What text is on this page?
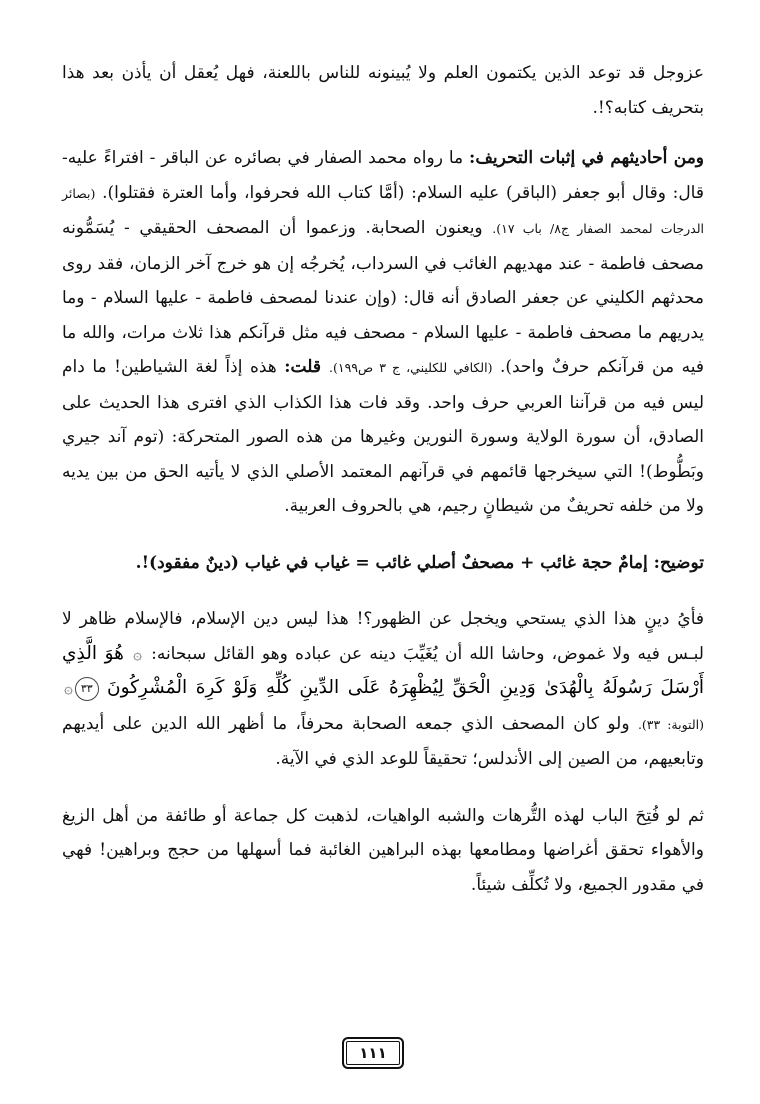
عزوجل قد توعد الذين يكتمون العلم ولا يُبينونه للناس باللعنة، فهل يُعقل أن يأذن بعد هذا بتحريف كتابه؟!.

ومن أحاديثهم في إثبات التحريف: ما رواه محمد الصفار في بصائره عن الباقر - افتراءً عليه- قال: وقال أبو جعفر (الباقر) عليه السلام: (أمَّا كتاب الله فحرفوا، وأما العترة فقتلوا). (بصائر الدرجات لمحمد الصفار ج٨/ باب ١٧). ويعنون الصحابة. وزعموا أن المصحف الحقيقي - يُسَمُّونه مصحف فاطمة - عند مهديهم الغائب في السرداب، يُخرجُه إن هو خرج آخر الزمان، فقد روى محدثهم الكليني عن جعفر الصادق أنه قال: (وإن عندنا لمصحف فاطمة - عليها السلام - وما يدريهم ما مصحف فاطمة - عليها السلام - مصحف فيه مثل قرآنكم هذا ثلاث مرات، والله ما فيه من قرآنكم حرفٌ واحد). (الكافي للكليني، ج ٣ ص١٩٩). قلت: هذه إذاً لغة الشياطين! ما دام ليس فيه من قرآننا العربي حرف واحد. وقد فات هذا الكذاب الذي افترى هذا الحديث على الصادق، أن سورة الولاية وسورة النورين وغيرها من هذه الصور المتحركة: (توم آند جيري وبَطُّوط)! التي سيخرجها قائمهم في قرآنهم المعتمد الأصلي الذي لا يأتيه الحق من بين يديه ولا من خلفه تحريفٌ من شيطانٍ رجيم، هي بالحروف العربية.

توضيح: إمامٌ حجة غائب + مصحفٌ أصلي غائب = غياب في غياب (دينٌ مفقود)!.

فأيُ دينٍ هذا الذي يستحي ويخجل عن الظهور؟! هذا ليس دين الإسلام، فالإسلام ظاهر لا لبـس فيه ولا غموض، وحاشا الله أن يُغَيِّبَ دينه عن عباده وهو القائل سبحانه: ۞ هُوَ الَّذِي أَرْسَلَ رَسُولَهُ بِالْهُدَىٰ وَدِينِ الْحَقِّ لِيُظْهِرَهُ عَلَى الدِّينِ كُلِّهِ وَلَوْ كَرِهَ الْمُشْرِكُونَ ٣٣۞ (التوبة: ٣٣). ولو كان المصحف الذي جمعه الصحابة محرفاً، ما أظهر الله الدين على أيديهم وتابعيهم، من الصين إلى الأندلس؛ تحقيقاً للوعد الذي في الآية.

ثم لو فُتِحَ الباب لهذه التُّرهات والشبه الواهيات، لذهبت كل جماعة أو طائفة من أهل الزيغ والأهواء تحقق أغراضها ومطامعها بهذه البراهين الغائبة فما أسهلها من حجج وبراهين! فهي في مقدور الجميع، ولا تُكلِّف شيئاً.

١١١
